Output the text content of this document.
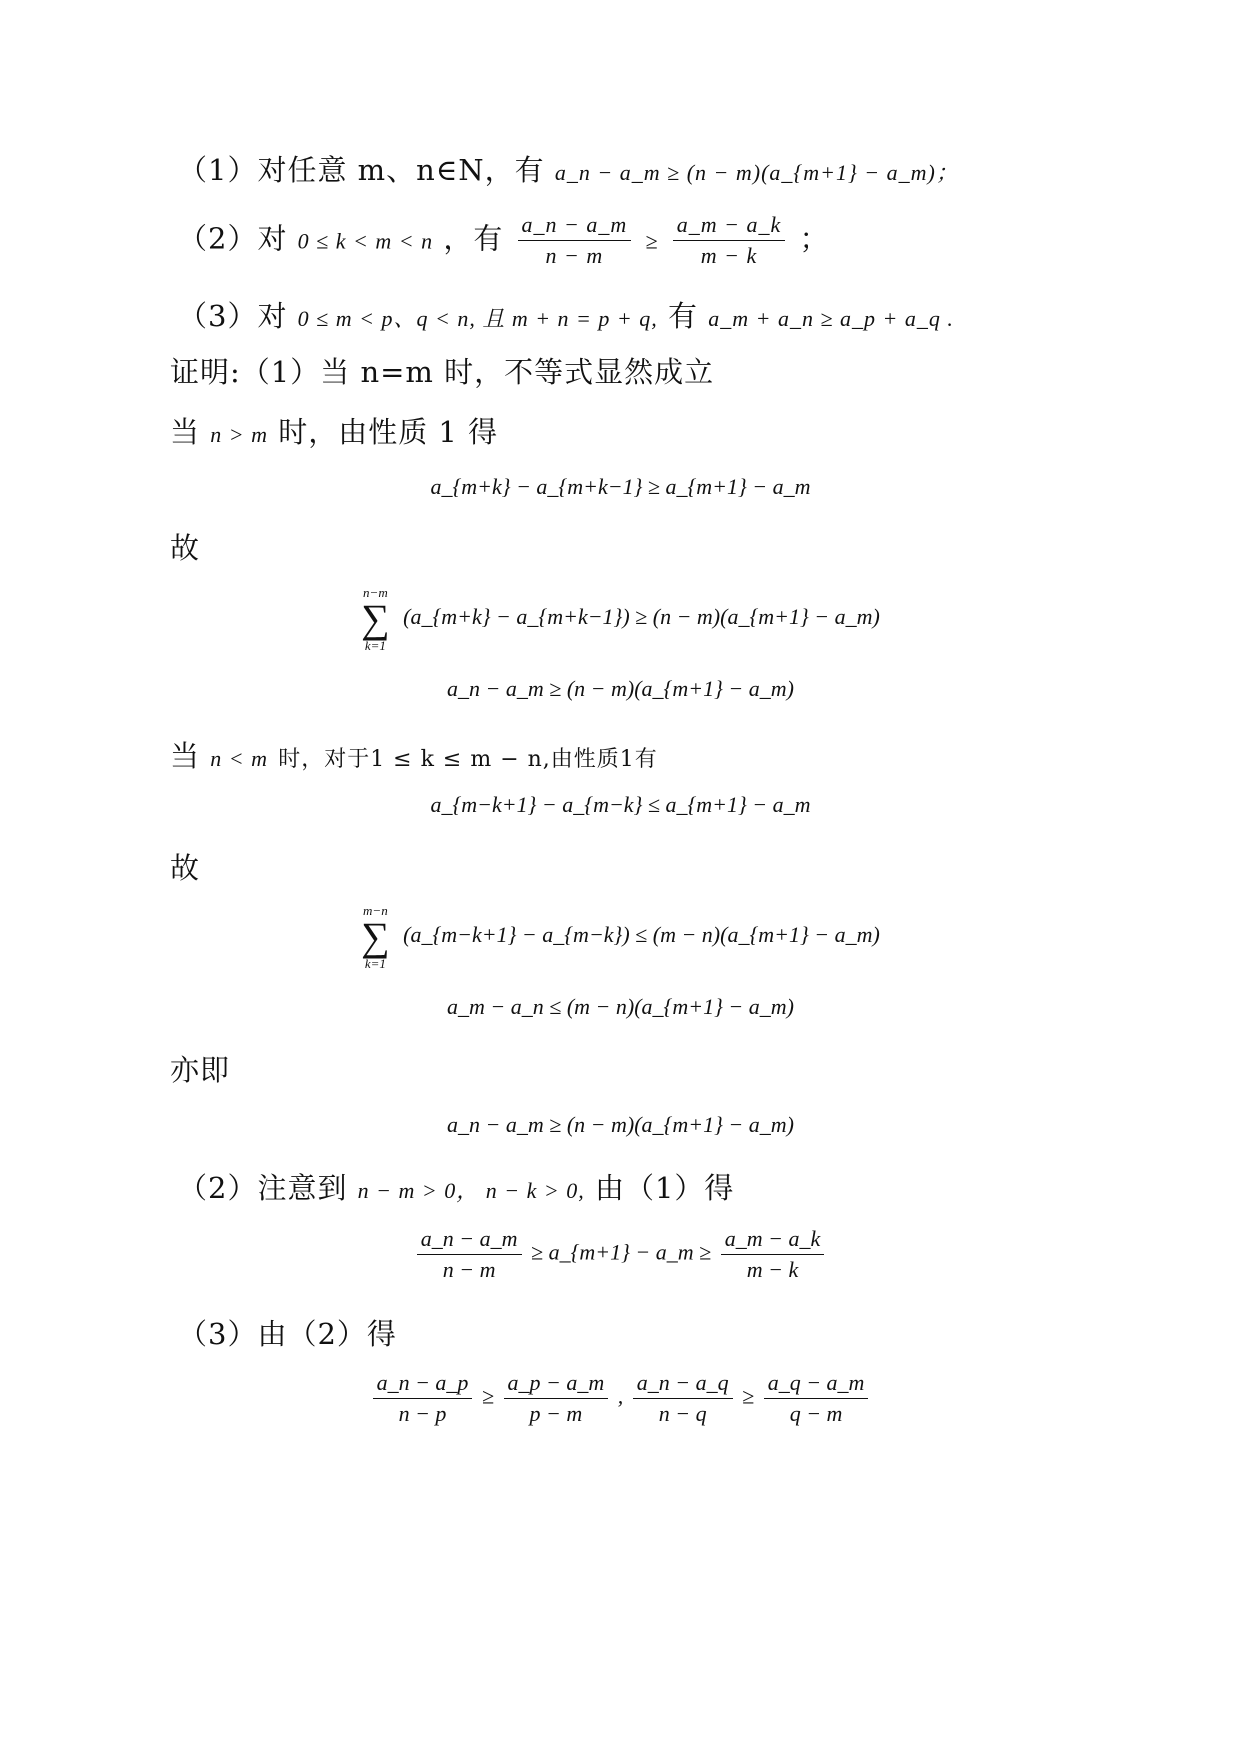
（1）对任意 m、n∈N，有 a_n − a_m ≥ (n − m)(a_{m+1} − a_m)；
（2）对 0 ≤ k < m < n ，有 $\frac{a\_n - a\_m}{n - m} \ge \frac{a\_m - a\_k}{m - k}$ ；
（3）对 0 ≤ m < p、q < n, 且 m + n = p + q, 有 a_m + a_n ≥ a_p + a_q .
证明:（1）当 n=m 时，不等式显然成立
当 n > m 时，由性质 1 得
a_{m+k} − a_{m+k−1} ≥ a_{m+1} − a_m
故
n−m
∑
k=1
(a_{m+k} − a_{m+k−1}) ≥ (n − m)(a_{m+1} − a_m)
a_n − a_m ≥ (n − m)(a_{m+1} − a_m)
当 n < m 时，对于1 ≤ k ≤ m − n,由性质1有
a_{m−k+1} − a_{m−k} ≤ a_{m+1} − a_m
故
m−n
∑
k=1
(a_{m−k+1} − a_{m−k}) ≤ (m − n)(a_{m+1} − a_m)
a_m − a_n ≤ (m − n)(a_{m+1} − a_m)
亦即
a_n − a_m ≥ (n − m)(a_{m+1} − a_m)
（2）注意到 n − m > 0， n − k > 0, 由（1）得
$\frac{a\_n - a\_m}{n - m}$ ≥ a_{m+1} − a_m ≥ $\frac{a\_m - a\_k}{m - k}$
（3）由（2）得
$\frac{a\_n - a\_p}{n - p} \ge \frac{a\_p - a\_m}{p - m}$ , $\frac{a\_n - a\_q}{n - q} \ge \frac{a\_q - a\_m}{q - m}$
